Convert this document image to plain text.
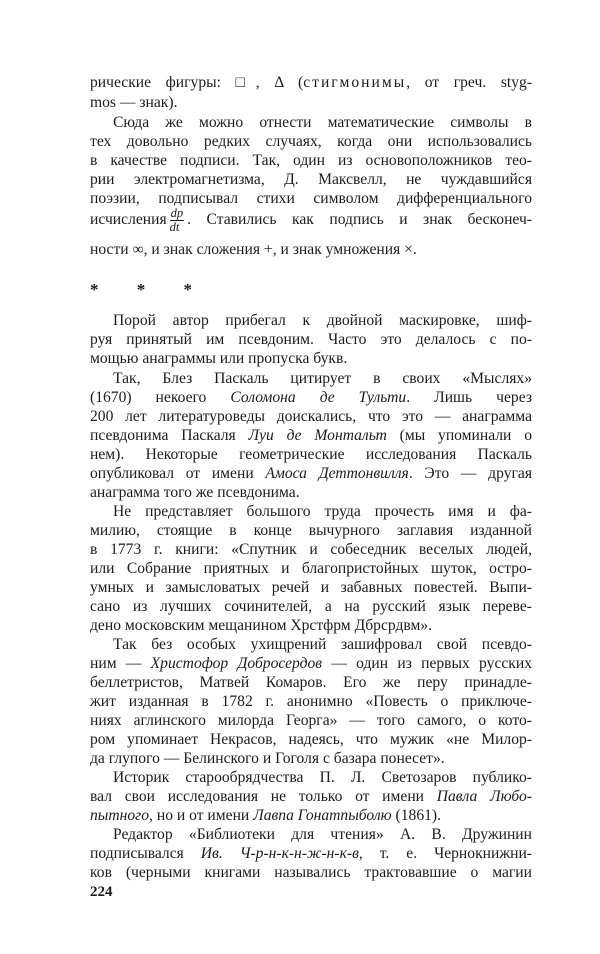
рические фигуры: □, Δ (стигмонимы, от греч. stуg-
mos — знак).
Сюда же можно отнести математические символы в
тех довольно редких случаях, когда они использовались
в качестве подписи. Так, один из основоположников тео-
рии электромагнетизма, Д. Максвелл, не чуждавшийся
поэзии, подписывал стихи символом дифференциального
исчисления $\frac{dp}{dt}$ . Ставились как подпись и знак бесконеч-
ности ∞, и знак сложения +, и знак умножения ×.
* * *
Порой автор прибегал к двойной маскировке, шиф-
руя принятый им псевдоним. Часто это делалось с по-
мощью анаграммы или пропуска букв.
Так, Блез Паскаль цитирует в своих «Мыслях»
(1670) некоего Соломона де Тульти. Лишь через
200 лет литературоведы доискались, что это — анаграмма
псевдонима Паскаля Луи де Монтальт (мы упоминали о
нем). Некоторые геометрические исследования Паскаль
опубликовал от имени Амоса Деттонвилля. Это — другая
анаграмма того же псевдонима.
Не представляет большого труда прочесть имя и фа-
милию, стоящие в конце вычурного заглавия изданной
в 1773 г. книги: «Спутник и собеседник веселых людей,
или Собрание приятных и благопристойных шуток, остро-
умных и замысловатых речей и забавных повестей. Выпи-
сано из лучших сочинителей, а на русский язык переве-
дено московским мещанином Хрстфрм Дбрсрдвм».
Так без особых ухищрений зашифровал свой псевдо-
ним — Христофор Добросердов — один из первых русских
беллетристов, Матвей Комаров. Его же перу принадле-
жит изданная в 1782 г. анонимно «Повесть о приключе-
ниях аглинского милорда Георга» — того самого, о кото-
ром упоминает Некрасов, надеясь, что мужик «не Милор-
да глупого — Белинского и Гоголя с базара понесет».
Историк старообрядчества П. Л. Светозаров публико-
вал свои исследования не только от имени Павла Любо-
пытного, но и от имени Лавпа Гонатпыболю (1861).
Редактор «Библиотеки для чтения» А. В. Дружинин
подписывался Ив. Ч-р-н-к-н-ж-н-к-в, т. е. Чернокнижни-
ков (черными книгами назывались трактовавшие о магии
224
